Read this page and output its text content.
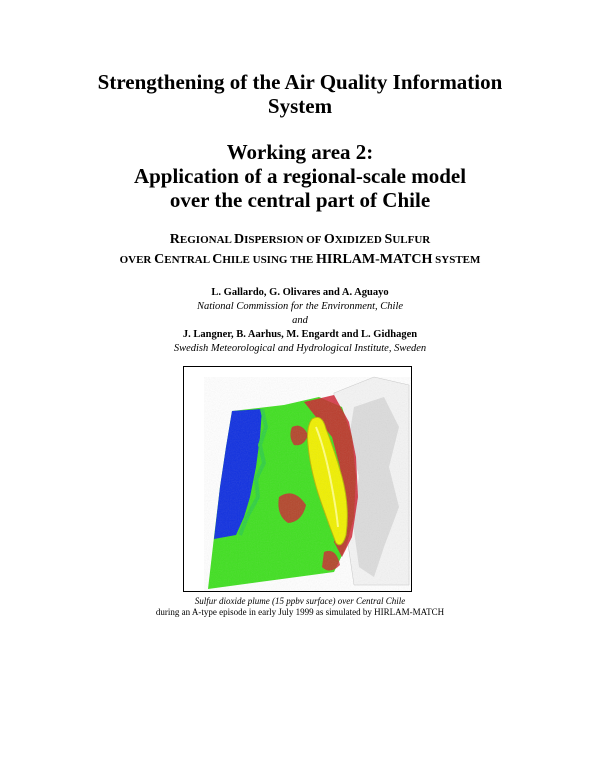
Strengthening of the Air Quality Information
System
Working area 2:
Application of a regional-scale model
over the central part of Chile
REGIONAL DISPERSION OF OXIDIZED SULFUR
OVER CENTRAL CHILE USING THE HIRLAM-MATCH SYSTEM
L. Gallardo, G. Olivares and A. Aguayo
National Commission for the Environment, Chile
and
J. Langner, B. Aarhus, M. Engardt and L. Gidhagen
Swedish Meteorological and Hydrological Institute, Sweden
Sulfur dioxide plume (15 ppbv surface) over Central Chile
during an A-type episode in early July 1999 as simulated by HIRLAM-MATCH
